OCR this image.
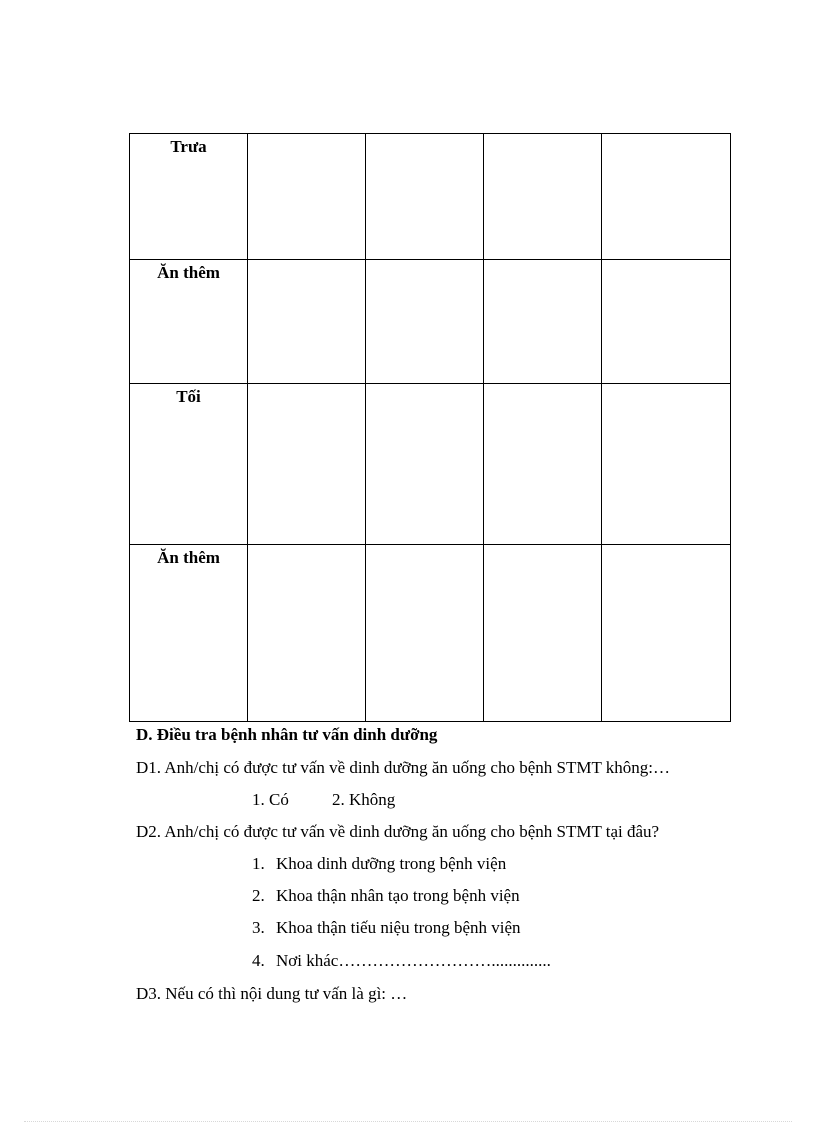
Trưa				
Ăn thêm				
Tối				
Ăn thêm				
D. Điều tra bệnh nhân tư vấn dinh dưỡng
D1. Anh/chị có được tư vấn về dinh dưỡng ăn uống cho bệnh STMT không:…
1. Có	2. Không
D2. Anh/chị có được tư vấn về dinh dưỡng ăn uống cho bệnh STMT tại đâu?
1. Khoa dinh dưỡng trong bệnh viện
2. Khoa thận nhân tạo trong bệnh viện
3. Khoa thận tiếu niệu trong bệnh viện
4. Nơi khác………………………..............
D3. Nếu có thì nội dung tư vấn là gì: …
